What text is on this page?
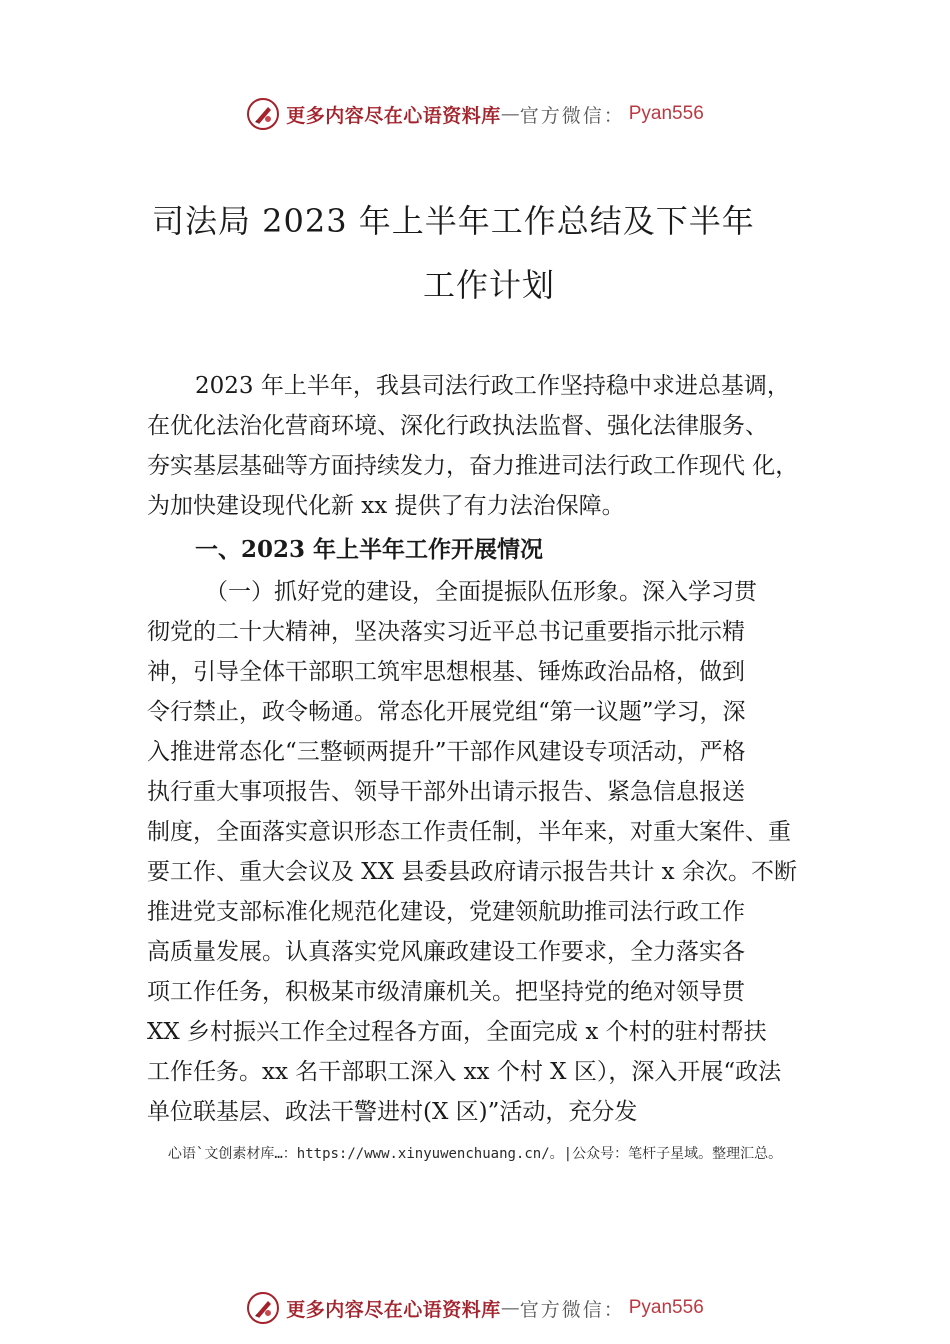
更多内容尽在心语资料库 — 官方微信： Pyan556
司法局 2023 年上半年工作总结及下半年
工作计划
2023 年上半年，我县司法行政工作坚持稳中求进总基调，
在优化法治化营商环境、深化行政执法监督、强化法律服务、
夯实基层基础等方面持续发力，奋力推进司法行政工作现代 化，
为加快建设现代化新 xx 提供了有力法治保障。
一、2023 年上半年工作开展情况
（一）抓好党的建设，全面提振队伍形象。深入学习贯
彻党的二十大精神，坚决落实习近平总书记重要指示批示精
神，引导全体干部职工筑牢思想根基、锤炼政治品格，做到
令行禁止，政令畅通。常态化开展党组“第一议题”学习，深
入推进常态化“三整顿两提升”干部作风建设专项活动，严格
执行重大事项报告、领导干部外出请示报告、紧急信息报送
制度，全面落实意识形态工作责任制，半年来，对重大案件、重
要工作、重大会议及 XX 县委县政府请示报告共计 x 余次。不断
推进党支部标准化规范化建设，党建领航助推司法行政工作
高质量发展。认真落实党风廉政建设工作要求，全力落实各
项工作任务，积极某市级清廉机关。把坚持党的绝对领导贯
XX 乡村振兴工作全过程各方面，全面完成 x 个村的驻村帮扶
工作任务。xx 名干部职工深入 xx 个村 X 区），深入开展“政法
单位联基层、政法干警进村(X 区)”活动，充分发
心语`文创素材库…：https://www.xinyuwenchuang.cn/。|公众号：笔杆子星域。整理汇总。
更多内容尽在心语资料库 — 官方微信： Pyan556
